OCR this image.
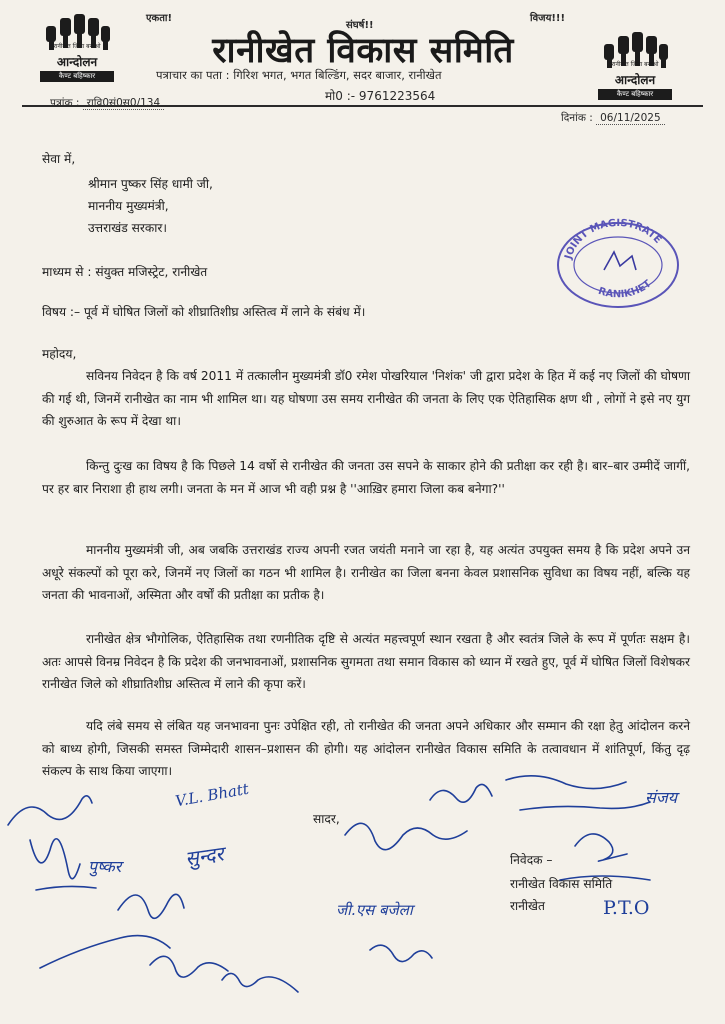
रानीखेत जिला बनाओ
आन्दोलन
कैण्ट बहिष्कार
रानीखेत जिला बनाओ
आन्दोलन
कैण्ट बहिष्कार
एकता!
संघर्ष!!
विजय!!!
रानीखेत विकास समिति
पत्राचार का पता : गिरिश भगत, भगत बिल्डिंग, सदर बाजार, रानीखेत
मो0 :- 9761223564
पत्रांक : रावि0सं0स0/134
दिनांक : 06/11/2025
सेवा में,
श्रीमान पुष्कर सिंह धामी जी,
माननीय मुख्यमंत्री,
उत्तराखंड सरकार।
JOINT MAGISTRATE
RANIKHET
माध्यम से : संयुक्त मजिस्ट्रेट, रानीखेत
विषय :– पूर्व में घोषित जिलों को शीघ्रातिशीघ्र अस्तित्व में लाने के संबंध में।
महोदय,
सविनय निवेदन है कि वर्ष 2011 में तत्कालीन मुख्यमंत्री डॉ0 रमेश पोखरियाल 'निशंक' जी द्वारा प्रदेश के हित में कई नए जिलों की घोषणा की गई थी, जिनमें रानीखेत का नाम भी शामिल था। यह घोषणा उस समय रानीखेत की जनता के लिए एक ऐतिहासिक क्षण थी , लोगों ने इसे नए युग की शुरुआत के रूप में देखा था।
किन्तु दुःख का विषय है कि पिछले 14 वर्षो से रानीखेत की जनता उस सपने के साकार होने की प्रतीक्षा कर रही है। बार–बार उम्मीदें जागीं, पर हर बार निराशा ही हाथ लगी। जनता के मन में आज भी वही प्रश्न है ''आख़िर हमारा जिला कब बनेगा?''
माननीय मुख्यमंत्री जी, अब जबकि उत्तराखंड राज्य अपनी रजत जयंती मनाने जा रहा है, यह अत्यंत उपयुक्त समय है कि प्रदेश अपने उन अधूरे संकल्पों को पूरा करे, जिनमें नए जिलों का गठन भी शामिल है। रानीखेत का जिला बनना केवल प्रशासनिक सुविधा का विषय नहीं, बल्कि यह जनता की भावनाओं, अस्मिता और वर्षों की प्रतीक्षा का प्रतीक है।
रानीखेत क्षेत्र भौगोलिक, ऐतिहासिक तथा रणनीतिक दृष्टि से अत्यंत महत्त्वपूर्ण स्थान रखता है और स्वतंत्र जिले के रूप में पूर्णतः सक्षम है। अतः आपसे विनम्र निवेदन है कि प्रदेश की जनभावनाओं, प्रशासनिक सुगमता तथा समान विकास को ध्यान में रखते हुए, पूर्व में घोषित जिलों विशेषकर रानीखेत जिले को शीघ्रातिशीघ्र अस्तित्व में लाने की कृपा करें।
यदि लंबे समय से लंबित यह जनभावना पुनः उपेक्षित रही, तो रानीखेत की जनता अपने अधिकार और सम्मान की रक्षा हेतु आंदोलन करने को बाध्य होगी, जिसकी समस्त जिम्मेदारी शासन–प्रशासन की होगी। यह आंदोलन रानीखेत विकास समिति के तत्वावधान में शांतिपूर्ण, किंतु दृढ़ संकल्प के साथ किया जाएगा।
सादर,
निवेदक –
रानीखेत विकास समिति
रानीखेत
V.L. Bhatt
पुष्कर	सुन्दर
जी.एस बजेला
संजय
P.T.O
